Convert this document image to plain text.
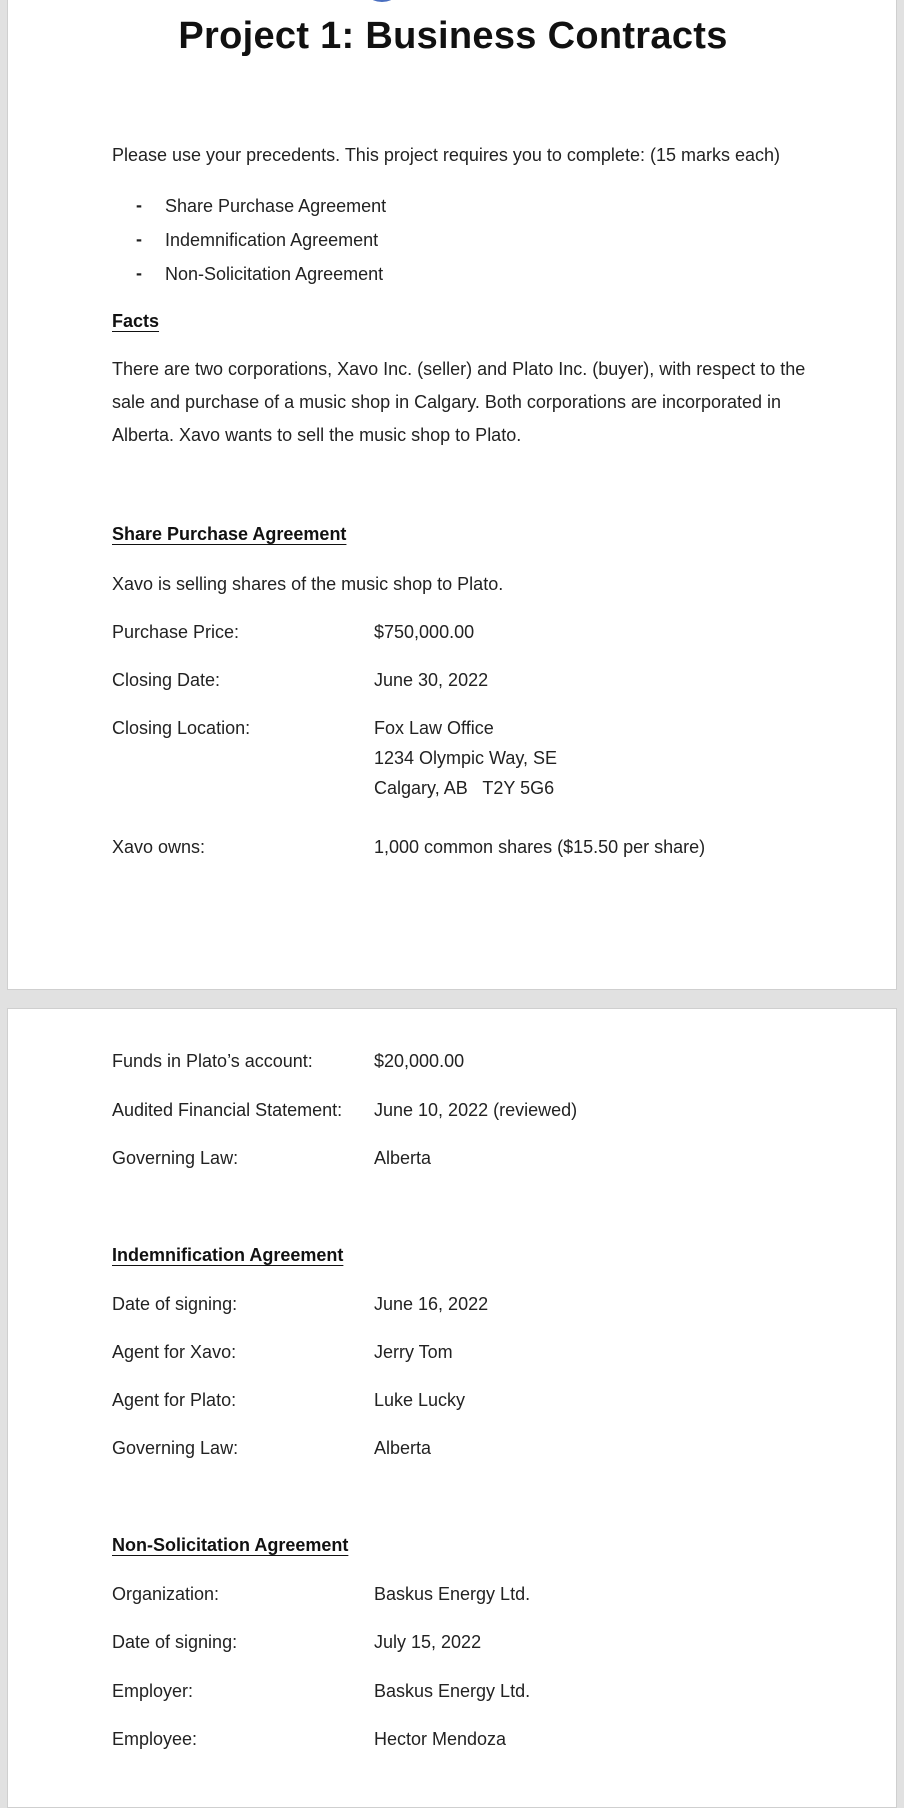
Project 1: Business Contracts
Please use your precedents. This project requires you to complete: (15 marks each)
- Share Purchase Agreement
- Indemnification Agreement
- Non-Solicitation Agreement
Facts
There are two corporations, Xavo Inc. (seller) and Plato Inc. (buyer), with respect to the sale and purchase of a music shop in Calgary. Both corporations are incorporated in Alberta. Xavo wants to sell the music shop to Plato.
Share Purchase Agreement
Xavo is selling shares of the music shop to Plato.
Purchase Price:	$750,000.00
Closing Date:	June 30, 2022
Closing Location:	Fox Law Office
1234 Olympic Way, SE
Calgary, AB   T2Y 5G6
Xavo owns:	1,000 common shares ($15.50 per share)
Funds in Plato’s account:	$20,000.00
Audited Financial Statement: June 10, 2022 (reviewed)
Governing Law:	Alberta
Indemnification Agreement
Date of signing:	June 16, 2022
Agent for Xavo:	Jerry Tom
Agent for Plato:	Luke Lucky
Governing Law:	Alberta
Non-Solicitation Agreement
Organization:	Baskus Energy Ltd.
Date of signing:	July 15, 2022
Employer:	Baskus Energy Ltd.
Employee:	Hector Mendoza
